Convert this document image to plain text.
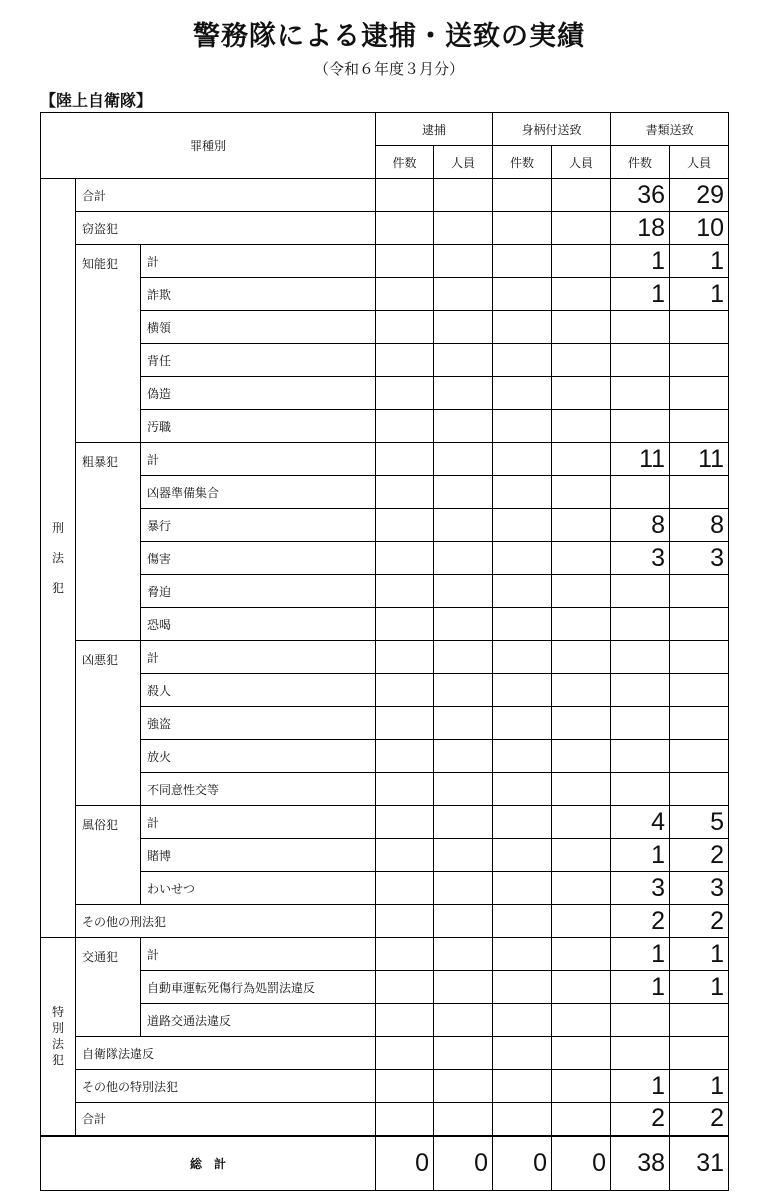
警務隊による逮捕・送致の実績
（令和６年度３月分）
【陸上自衛隊】
罪種別			逮捕		身柄付送致		書類送致	
			件数	人員	件数	人員	件数	人員

刑
法
犯	合計						36	29
	窃盗犯						18	10
	知能犯	計					1	1
		詐欺					1	1
		横領						
		背任						
		偽造						
		汚職						
	粗暴犯	計					11	11
		凶器準備集合						
		暴行					8	8
		傷害					3	3
		脅迫						
		恐喝						
	凶悪犯	計						
		殺人						
		強盗						
		放火						
		不同意性交等						
	風俗犯	計					4	5
		賭博					1	2
		わいせつ					3	3
	その他の刑法犯						2	2

特
別
法
犯	交通犯	計					1	1
		自動車運転死傷行為処罰法違反					1	1
		道路交通法違反						
	自衛隊法違反							
	その他の特別法犯						1	1
	合計						2	2
総　計			0	0	0	0	38	31
